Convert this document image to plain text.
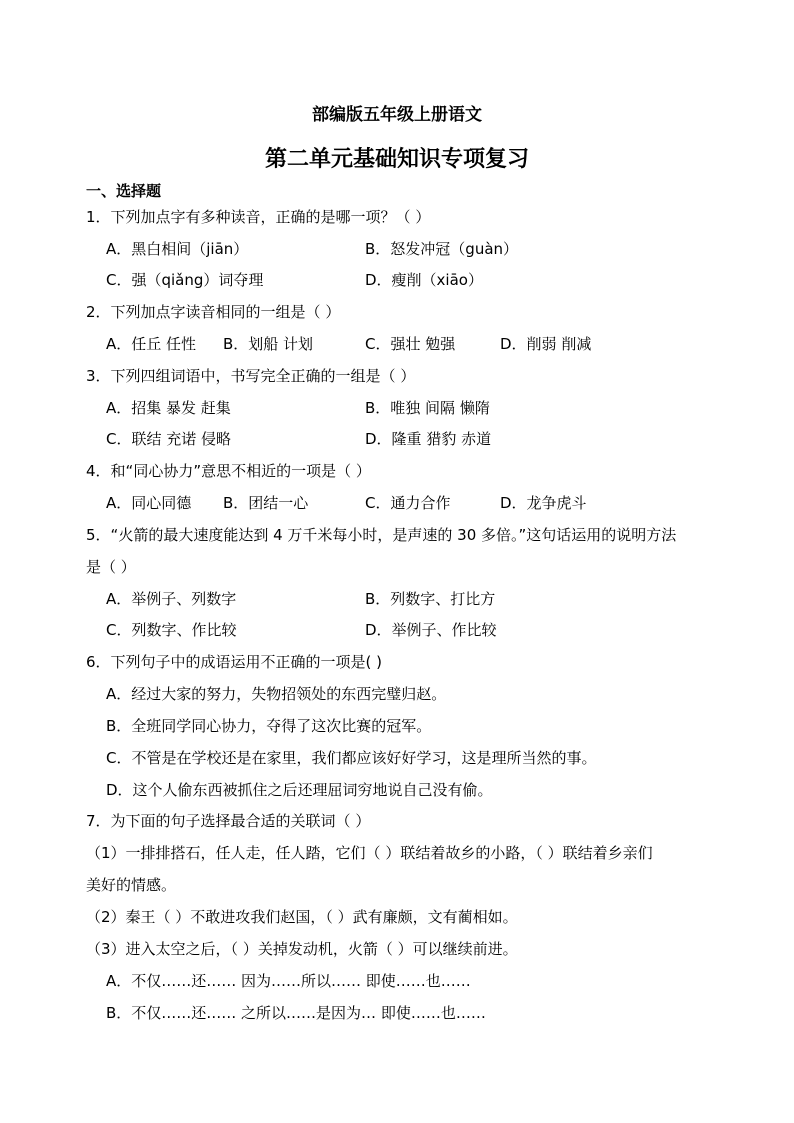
部编版五年级上册语文
第二单元基础知识专项复习
一、选择题
1．下列加点字有多种读音，正确的是哪一项？（ ）
A．黑白相间（jiān）	B．怒发冲冠（guàn）
C．强（qiǎng）词夺理	D．瘦削（xiāo）
2．下列加点字读音相同的一组是（ ）
A．任丘 任性 B．划船 计划	C．强壮 勉强	D．削弱 削减
3．下列四组词语中，书写完全正确的一组是（ ）
A．招集 暴发 赶集	B．唯独 间隔 懒隋
C．联结 充诺 侵略	D．隆重 猎豹 赤道
4．和“同心协力”意思不相近的一项是（ ）
A．同心同德 B．团结一心	C．通力合作	D．龙争虎斗
5．“火箭的最大速度能达到 4 万千米每小时，是声速的 30 多倍。”这句话运用的说明方法
是（ ）
A．举例子、列数字	B．列数字、打比方
C．列数字、作比较	D．举例子、作比较
6．下列句子中的成语运用不正确的一项是( )
A．经过大家的努力，失物招领处的东西完璧归赵。
B．全班同学同心协力，夺得了这次比赛的冠军。
C．不管是在学校还是在家里，我们都应该好好学习，这是理所当然的事。
D．这个人偷东西被抓住之后还理屈词穷地说自己没有偷。
7．为下面的句子选择最合适的关联词（ ）
（1）一排排搭石，任人走，任人踏，它们（ ）联结着故乡的小路，（ ）联结着乡亲们
美好的情感。
（2）秦王（ ）不敢进攻我们赵国，（ ）武有廉颇，文有蔺相如。
（3）进入太空之后，（ ）关掉发动机，火箭（ ）可以继续前进。
A．不仅……还…… 因为……所以…… 即使……也……
B．不仅……还…… 之所以……是因为… 即使……也……
